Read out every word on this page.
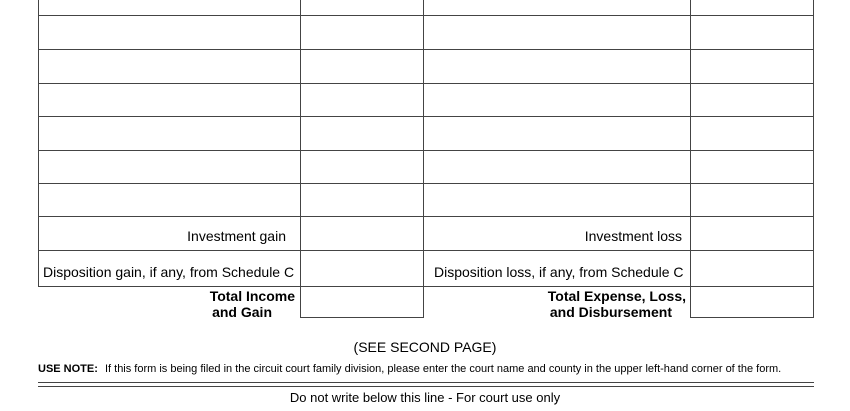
Investment gain	Investment loss
Disposition gain, if any, from Schedule C	Disposition loss, if any, from Schedule C
Total Income
and Gain
Total Expense, Loss,
and Disbursement
(SEE SECOND PAGE)
USE NOTE: If this form is being filed in the circuit court family division, please enter the court name and county in the upper left-hand corner of the form.
Do not write below this line - For court use only
